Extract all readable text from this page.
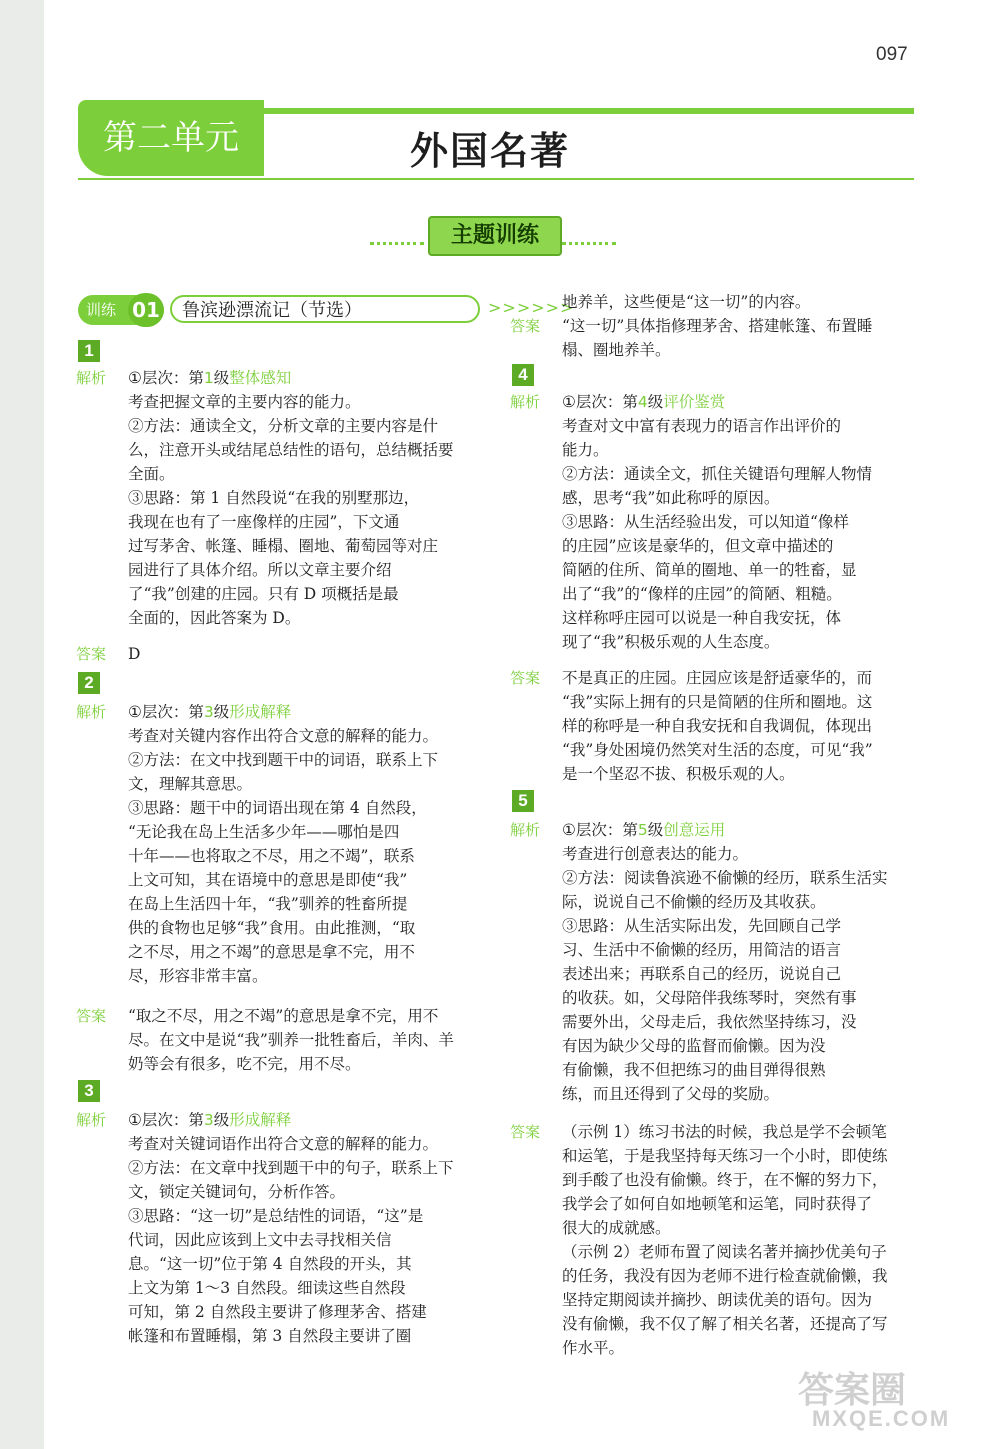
097
第二单元	外国名著
主题训练
训练 01	鲁滨逊漂流记（节选）	>>>>>>
1
解析 ①层次：第1级整体感知
考查把握文章的主要内容的能力。
②方法：通读全文，分析文章的主要内容是什
么，注意开头或结尾总结性的语句，总结概括要
全面。
③思路：第 1 自然段说“在我的别墅那边，
我现在也有了一座像样的庄园”，下文通
过写茅舍、帐篷、睡榻、圈地、葡萄园等对庄
园进行了具体介绍。所以文章主要介绍
了“我”创建的庄园。只有 D 项概括是最
全面的，因此答案为 D。
答案 D
2
解析 ①层次：第3级形成解释
考查对关键内容作出符合文意的解释的能力。
②方法：在文中找到题干中的词语，联系上下
文，理解其意思。
③思路：题干中的词语出现在第 4 自然段，
“无论我在岛上生活多少年——哪怕是四
十年——也将取之不尽，用之不竭”，联系
上文可知，其在语境中的意思是即使“我”
在岛上生活四十年，“我”驯养的牲畜所提
供的食物也足够“我”食用。由此推测，“取
之不尽，用之不竭”的意思是拿不完，用不
尽，形容非常丰富。
答案 “取之不尽，用之不竭”的意思是拿不完，用不
尽。在文中是说“我”驯养一批牲畜后，羊肉、羊
奶等会有很多，吃不完，用不尽。
3
解析 ①层次：第3级形成解释
考查对关键词语作出符合文意的解释的能力。
②方法：在文章中找到题干中的句子，联系上下
文，锁定关键词句，分析作答。
③思路：“这一切”是总结性的词语，“这”是
代词，因此应该到上文中去寻找相关信
息。“这一切”位于第 4 自然段的开头，其
上文为第 1～3 自然段。细读这些自然段
可知，第 2 自然段主要讲了修理茅舍、搭建
帐篷和布置睡榻，第 3 自然段主要讲了圈
地养羊，这些便是“这一切”的内容。
答案 “这一切”具体指修理茅舍、搭建帐篷、布置睡
榻、圈地养羊。
4
解析 ①层次：第4级评价鉴赏
考查对文中富有表现力的语言作出评价的
能力。
②方法：通读全文，抓住关键语句理解人物情
感，思考“我”如此称呼的原因。
③思路：从生活经验出发，可以知道“像样
的庄园”应该是豪华的，但文章中描述的
简陋的住所、简单的圈地、单一的牲畜，显
出了“我”的“像样的庄园”的简陋、粗糙。
这样称呼庄园可以说是一种自我安抚，体
现了“我”积极乐观的人生态度。
答案 不是真正的庄园。庄园应该是舒适豪华的，而
“我”实际上拥有的只是简陋的住所和圈地。这
样的称呼是一种自我安抚和自我调侃，体现出
“我”身处困境仍然笑对生活的态度，可见“我”
是一个坚忍不拔、积极乐观的人。
5
解析 ①层次：第5级创意运用
考查进行创意表达的能力。
②方法：阅读鲁滨逊不偷懒的经历，联系生活实
际，说说自己不偷懒的经历及其收获。
③思路：从生活实际出发，先回顾自己学
习、生活中不偷懒的经历，用简洁的语言
表述出来；再联系自己的经历，说说自己
的收获。如，父母陪伴我练琴时，突然有事
需要外出，父母走后，我依然坚持练习，没
有因为缺少父母的监督而偷懒。因为没
有偷懒，我不但把练习的曲目弹得很熟
练，而且还得到了父母的奖励。
答案 （示例 1）练习书法的时候，我总是学不会顿笔
和运笔，于是我坚持每天练习一个小时，即使练
到手酸了也没有偷懒。终于，在不懈的努力下，
我学会了如何自如地顿笔和运笔，同时获得了
很大的成就感。
（示例 2）老师布置了阅读名著并摘抄优美句子
的任务，我没有因为老师不进行检查就偷懒，我
坚持定期阅读并摘抄、朗读优美的语句。因为
没有偷懒，我不仅了解了相关名著，还提高了写
作水平。
答案圈
MXQE.COM
